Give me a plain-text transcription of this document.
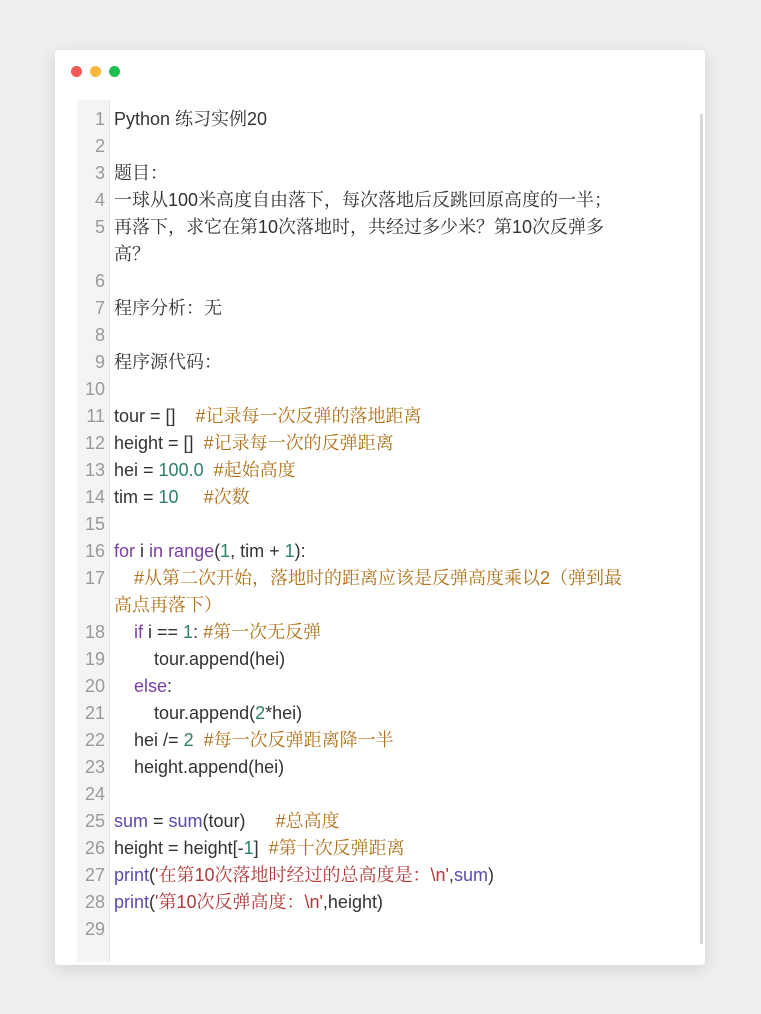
1 Python 练习实例20
2
3 题目：
4 一球从100米高度自由落下，每次落地后反跳回原高度的一半；
5 再落下，求它在第10次落地时，共经过多少米？第10次反弹多
高？
6
7 程序分析：无
8
9 程序源代码：
10
11 tour = []    #记录每一次反弹的落地距离
12 height = []  #记录每一次的反弹距离
13 hei = 100.0 #起始高度
14 tim = 10 #次数
15
16 for i in range(1, tim + 1):
17	#从第二次开始，落地时的距离应该是反弹高度乘以2（弹到最
高点再落下）
18	if i == 1: #第一次无反弹
19 tour.append(hei)
20	else:
21 tour.append(2*hei)
22 hei /= 2 #每一次反弹距离降一半
23 height.append(hei)
24
25 sum = sum(tour)      #总高度
26 height = height[-1]  #第十次反弹距离
27 print('在第10次落地时经过的总高度是：\n',sum)
28 print('第10次反弹高度：\n',height)
29
